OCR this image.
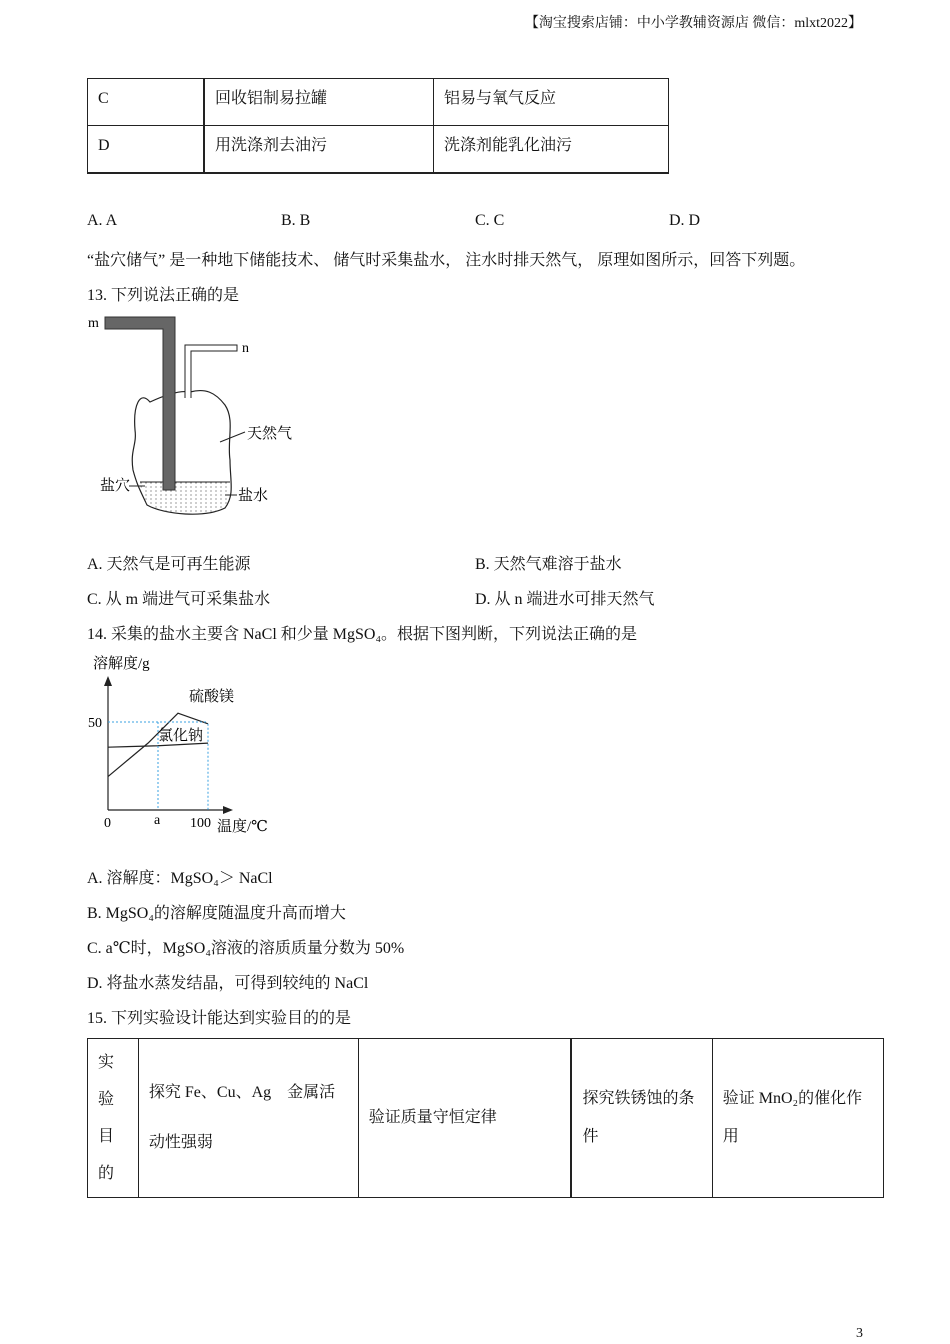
【淘宝搜索店铺：中小学教辅资源店 微信：mlxt2022】
C	回收铝制易拉罐	铝易与氧气反应
D	用洗涤剂去油污	洗涤剂能乳化油污
A. A	B. B	C. C	D. D
“盐穴储气” 是一种地下储能技术、 储气时采集盐水， 注水时排天然气， 原理如图所示，回答下列题。
13. 下列说法正确的是
m
n
天然气
盐穴
盐水
A. 天然气是可再生能源	B. 天然气难溶于盐水
C. 从 m 端进气可采集盐水	D. 从 n 端进水可排天然气
14. 采集的盐水主要含 NaCl 和少量 MgSO₄。根据下图判断，下列说法正确的是
溶解度/g
50
0	a 100 温度/℃
硫酸镁
氯化钠
A. 溶解度：MgSO₄＞ NaCl
B. MgSO₄的溶解度随温度升高而增大
C. a℃时，MgSO₄溶液的溶质质量分数为 50%
D. 将盐水蒸发结晶，可得到较纯的 NaCl
15. 下列实验设计能达到实验目的的是
实
验
目
的
	探究 Fe、Cu、Ag　金属活动性强弱	验证质量守恒定律	探究铁锈蚀的条件	验证 MnO₂的催化作用
3
